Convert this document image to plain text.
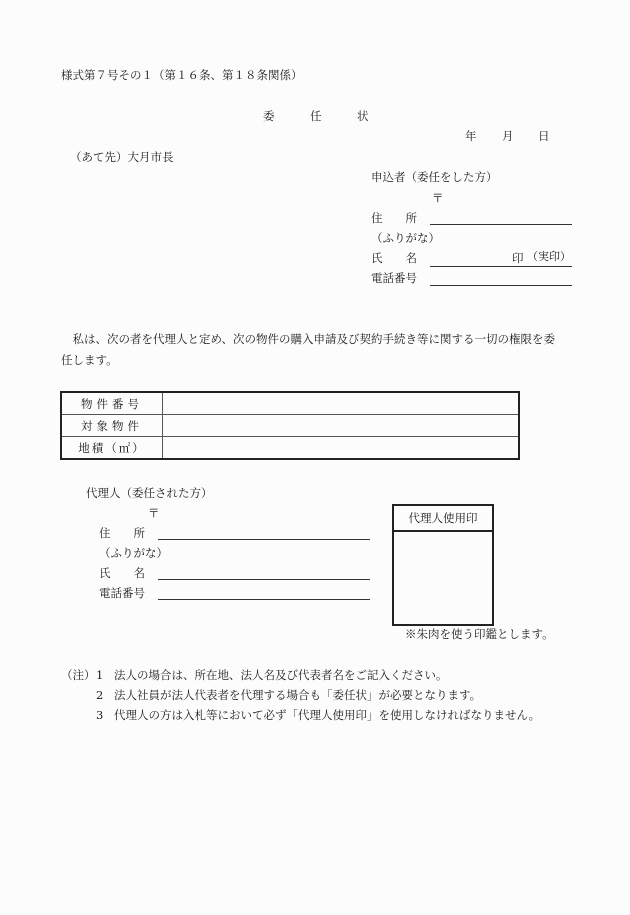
様式第７号その１（第１６条、第１８条関係）
委	任	状
年 月 日
（あて先）大月市長
申込者（委任をした方）
〒
住　　所
（ふりがな）
氏　　名	印 （実印）
電話番号
　私は、次の者を代理人と定め、次の物件の購入申請及び契約手続き等に関する一切の権限を委
任します。
物件番号	
対象物件	
地積（㎡）	
代理人（委任された方）
〒
住　　所
（ふりがな）
氏　　名
電話番号
代理人使用印
※朱肉を使う印鑑とします。
（注） 1 法人の場合は、所在地、法人名及び代表者名をご記入ください。
2 法人社員が法人代表者を代理する場合も「委任状」が必要となります。
3 代理人の方は入札等において必ず「代理人使用印」を使用しなければなりません。
